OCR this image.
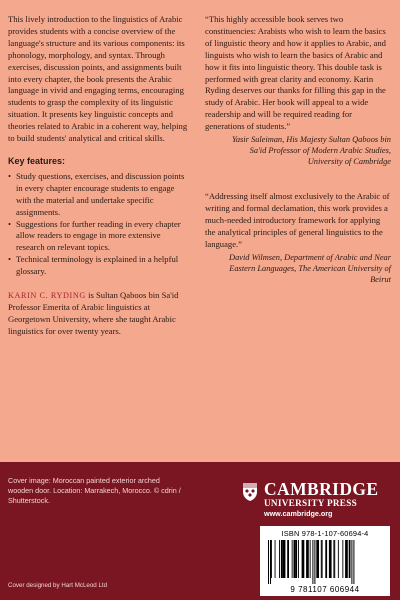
This lively introduction to the linguistics of Arabic provides students with a concise overview of the language's structure and its various components: its phonology, morphology, and syntax. Through exercises, discussion points, and assignments built into every chapter, the book presents the Arabic language in vivid and engaging terms, encouraging students to grasp the complexity of its linguistic situation. It presents key linguistic concepts and theories related to Arabic in a coherent way, helping to build students' analytical and critical skills.

Key features:

• Study questions, exercises, and discussion points in every chapter encourage students to engage with the material and undertake specific assignments.
• Suggestions for further reading in every chapter allow readers to engage in more extensive research on relevant topics.
• Technical terminology is explained in a helpful glossary.

KARIN C. RYDING is Sultan Qaboos bin Sa'id Professor Emerita of Arabic linguistics at Georgetown University, where she taught Arabic linguistics for over twenty years.

“This highly accessible book serves two constituencies: Arabists who wish to learn the basics of linguistic theory and how it applies to Arabic, and linguists who wish to learn the basics of Arabic and how it fits into linguistic theory. This double task is performed with great clarity and economy. Karin Ryding deserves our thanks for filling this gap in the study of Arabic. Her book will appeal to a wide readership and will be required reading for generations of students.”

Yasir Suleiman, His Majesty Sultan Qaboos bin Sa'id Professor of Modern Arabic Studies, University of Cambridge

“Addressing itself almost exclusively to the Arabic of writing and formal declamation, this work provides a much-needed introductory framework for applying the analytical principles of general linguistics to the language.”

David Wilmsen, Department of Arabic and Near Eastern Languages, The American University of Beirut

Cover image: Moroccan painted exterior arched wooden door. Location: Marrakech, Morocco. © cdrin / Shutterstock.

Cover designed by Hart McLeod Ltd

CAMBRIDGE
UNIVERSITY PRESS
www.cambridge.org
ISBN 978-1-107-60694-4
9 781107 606944
